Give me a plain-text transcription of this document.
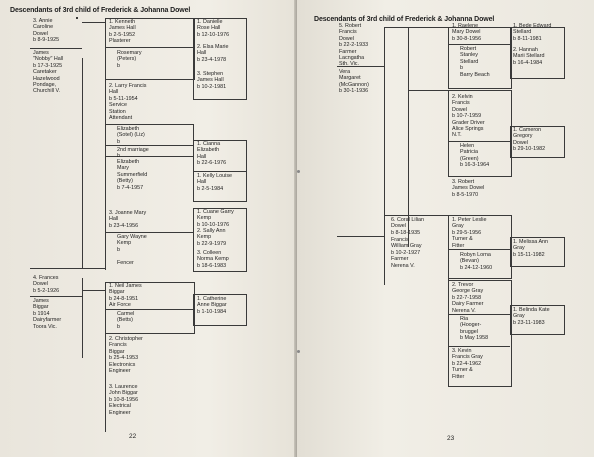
Descendants of 3rd child of Frederick & Johanna Dowel
22
3. Annie
Caroline
Dowel
b 8-9-1925
James
"Nobby" Hall
b 17-3-1925
Caretaker
Hazelwood
Pondage,
Churchill V.
1. Kenneth
James Hall
b 2-5-1952
Plasterer
Rosemary
(Peters)
b
1. Danielle
Rose Hall
b 12-10-1976
2. Elsa Marie
Hall
b 23-4-1978
3. Stephen
James Hall
b 10-2-1981
2. Larry Francis
Hall
b 5-11-1954
Service
Station
Attendant
Elizabeth
(Sotel) (Liz)
b
2nd marriage
b
Elizabeth
Mary
Summerfield
(Betty)
b 7-4-1957
1. Cianna
Elizabeth
Hall
b 22-6-1976
1. Kelly Louise
Hall
b 2-5-1984
3. Joanne Mary
Hall
b 23-4-1956
Gary Wayne
Kemp
b

Fencer
1. Cuane Garry
Kemp
b 10-10-1976
2. Sally Ann
Kemp
b 22-9-1979
3. Colleen
Norma Kemp
b 18-6-1983
4. Frances
Dowel
b 5-2-1926
James
Biggar
b 1914
Dairyfarmer
Toora Vic.
1. Neil James
Biggar
b 24-8-1951
Air Force
Carmel
(Betts)
b
1. Catherine
Anne Biggar
b 1-10-1984
2. Christopher
Francis
Biggar
b 25-4-1953
Electronics
Engineer
3. Laurence
John Biggar
b 10-8-1956
Electrical
Engineer
Descendants of 3rd child of Frederick & Johanna Dowel
23
5. Robert
Francis
Dowel
b 22-2-1933
Farmer
Lacngatha
Sth. Vic.
Vera
Margaret
(McGannon)
b 30-1-1936
1. Raelene
Mary Dowel
b 30-8-1956
Robert
Stanley
Stellard
b
Barry Beach
1. Bede Edward
Stellard
b 8-11-1981
2. Hannah
Marii Stellard
b 16-4-1984
2. Kelvin
Francis
Dowel
b 10-7-1959
Grader Driver
Alice Springs
N.T.
Helen
Patricia
(Green)
b 16-3-1964
1. Cameron
Gregory
Dowel
b 29-10-1982
3. Robert
James Dowel
b 8-5-1970
6. Coral Lilian
Dowel
b 8-18-1935
Francis
William Gray
b 10-2-1927
Farmer
Nerena V.
1. Peter Leslie
Gray
b 29-5-1956
Turner &
Fitter
Robyn Lorna
(Bevan)
b 24-12-1960
1. Melissa Ann
Gray
b 15-11-1982
2. Trevor
George Gray
b 22-7-1958
Dairy Farmer
Nerena V.
Ria
(Hooger-
bruggel
b May 1958
1. Belinda Kate
Gray
b 23-11-1983
3. Kevin
Francis Gray
b 22-4-1962
Turner &
Fitter
